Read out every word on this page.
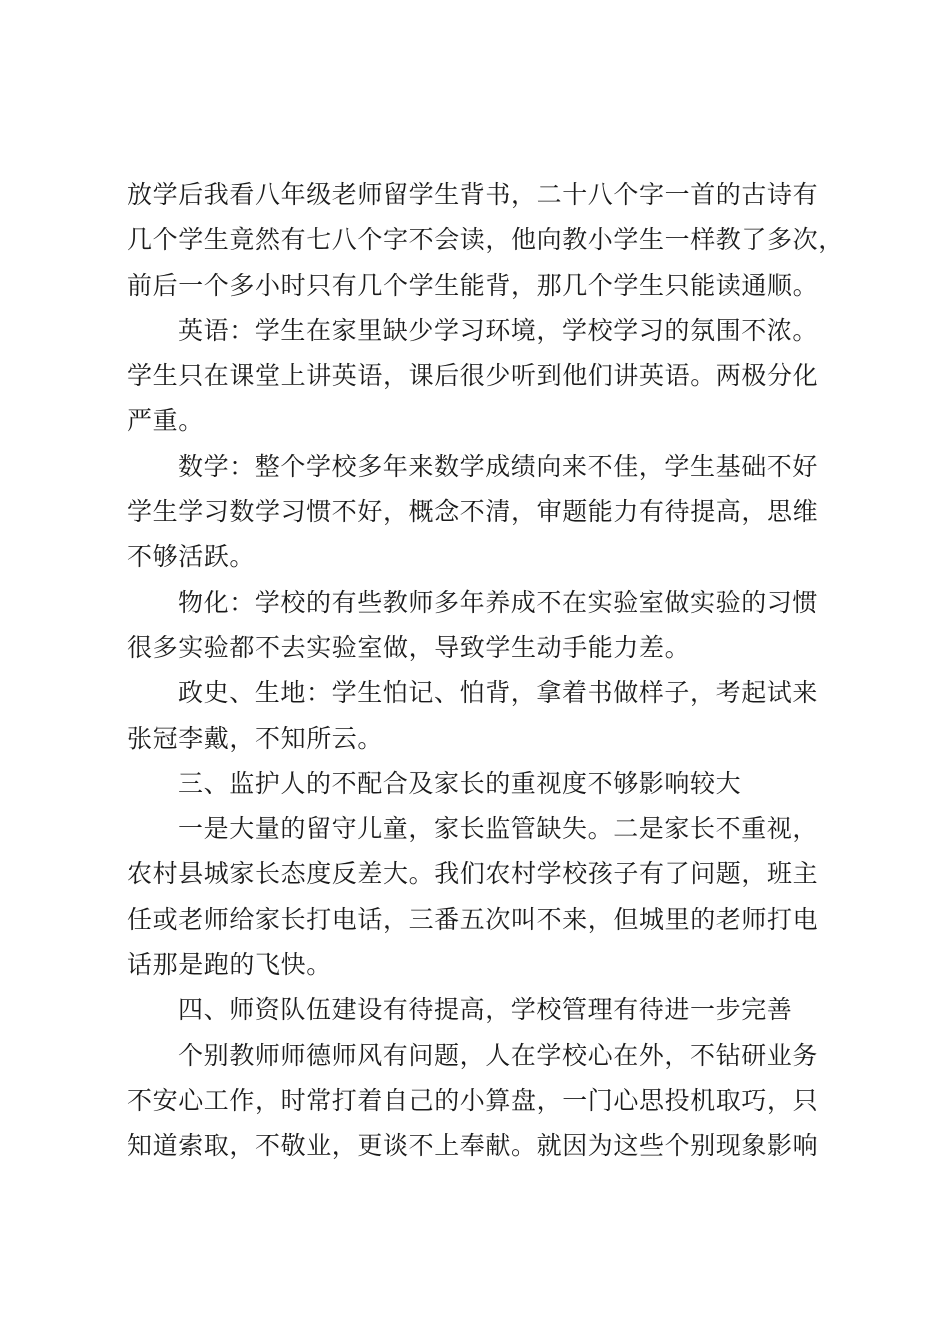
放学后我看八年级老师留学生背书，二十八个字一首的古诗有
几个学生竟然有七八个字不会读，他向教小学生一样教了多次，
前后一个多小时只有几个学生能背，那几个学生只能读通顺。
英语：学生在家里缺少学习环境，学校学习的氛围不浓。
学生只在课堂上讲英语，课后很少听到他们讲英语。两极分化
严重。
数学：整个学校多年来数学成绩向来不佳，学生基础不好
学生学习数学习惯不好，概念不清，审题能力有待提高，思维
不够活跃。
物化：学校的有些教师多年养成不在实验室做实验的习惯
很多实验都不去实验室做，导致学生动手能力差。
政史、生地：学生怕记、怕背，拿着书做样子，考起试来
张冠李戴，不知所云。
三、监护人的不配合及家长的重视度不够影响较大
一是大量的留守儿童，家长监管缺失。二是家长不重视，
农村县城家长态度反差大。我们农村学校孩子有了问题，班主
任或老师给家长打电话，三番五次叫不来，但城里的老师打电
话那是跑的飞快。
四、师资队伍建设有待提高，学校管理有待进一步完善
个别教师师德师风有问题，人在学校心在外，不钻研业务
不安心工作，时常打着自己的小算盘，一门心思投机取巧，只
知道索取，不敬业，更谈不上奉献。就因为这些个别现象影响
